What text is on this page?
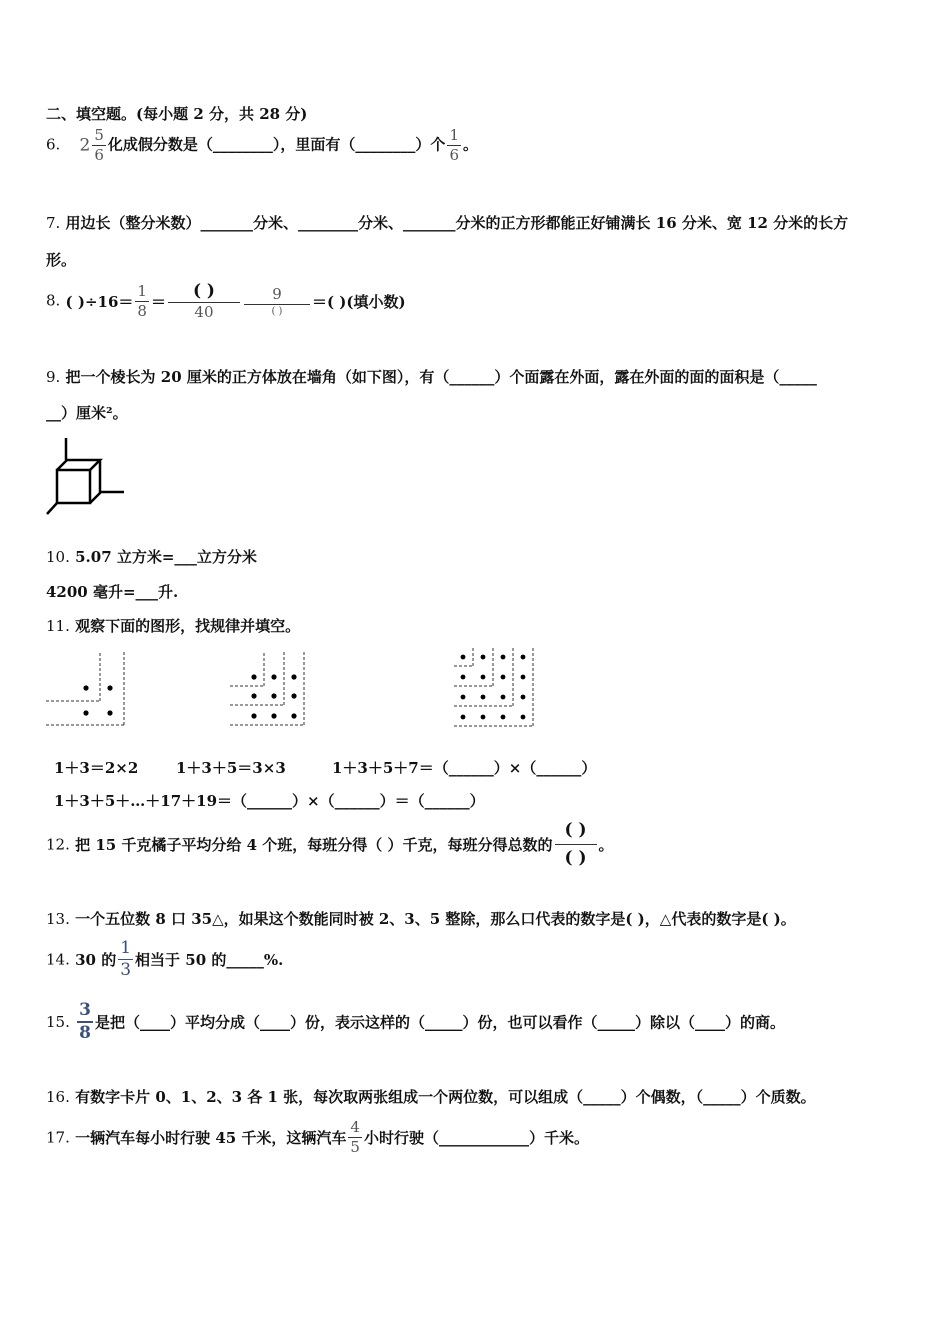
二、填空题。(每小题 2 分，共 28 分)
6. $2 \frac{5}{6}$ 化成假分数是（________），里面有（________）个 $\frac{1}{6}$ 。
7. 用边长（整分米数）_______分米、________分米、_______分米的正方形都能正好铺满长 16 分米、宽 12 分米的长方
形。
8. ( )$\div 16= \frac{1}{8} = \frac{( )}{40} \frac{9}{( )}$ ＝( )(填小数)
9. 把一个棱长为 20 厘米的正方体放在墙角（如下图），有（______）个面露在外面，露在外面的面的面积是（_____
__）厘米²。
10. 5.07 立方米=___立方分米
4200 毫升=___升.
11. 观察下面的图形，找规律并填空。
1＋3＝2×2	1＋3＋5＝3×3	1＋3＋5＋7＝（______）×（______）
1＋3＋5＋…＋17＋19＝（______）×（______）＝（______）
12. 把 15 千克橘子平均分给 4 个班，每班分得（ ）千克，每班分得总数的 $\frac{( )}{( )}$ 。
13. 一个五位数 8 口 35△，如果这个数能同时被 2、3、5 整除，那么口代表的数字是( )，△代表的数字是( )。
14. 30 的 $\frac{1}{3}$ 相当于 50 的_____%.
15. $\frac{3}{8}$ 是把（____）平均分成（____）份，表示这样的（_____）份，也可以看作（_____）除以（____）的商。
16. 有数字卡片 0、1、2、3 各 1 张，每次取两张组成一个两位数，可以组成（_____）个偶数，（_____）个质数。
17. 一辆汽车每小时行驶 45 千米，这辆汽车 $\frac{4}{5}$ 小时行驶（____________）千米。
